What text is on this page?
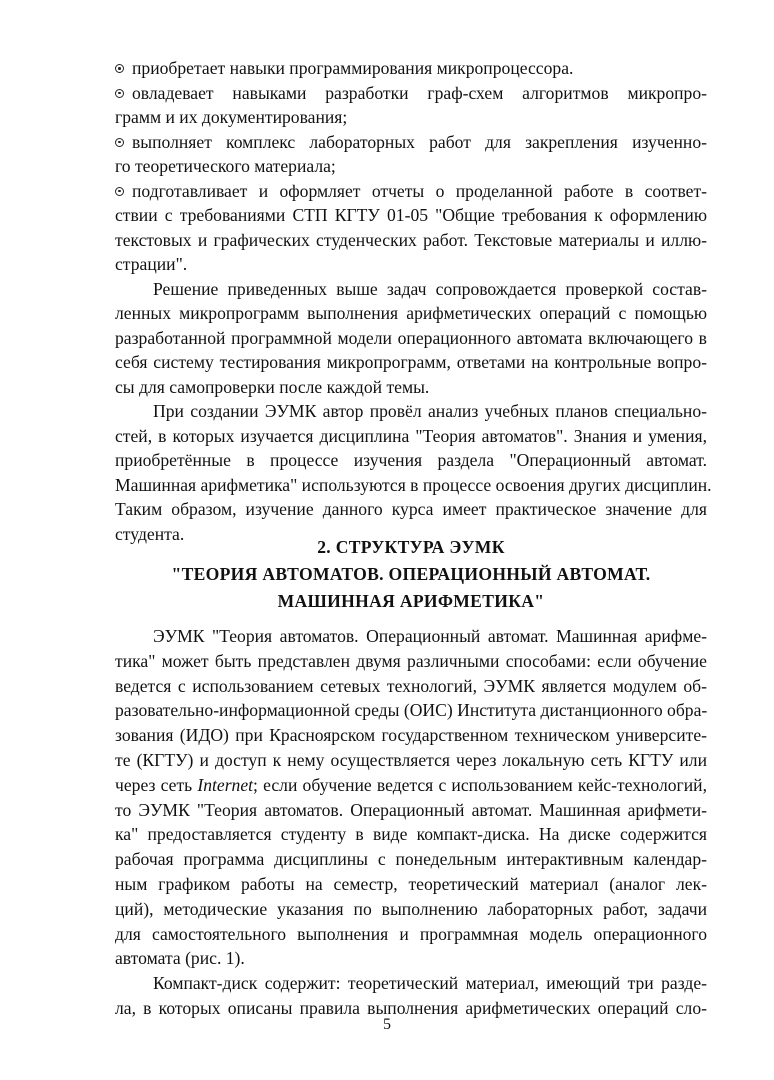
приобретает навыки программирования микропроцессора.
овладевает навыками разработки граф-схем алгоритмов микропро-
грамм и их документирования;
выполняет комплекс лабораторных работ для закрепления изученно-
го теоретического материала;
подготавливает и оформляет отчеты о проделанной работе в соответ-
ствии с требованиями СТП КГТУ 01-05 "Общие требования к оформлению
текстовых и графических студенческих работ. Текстовые материалы и иллю-
страции".
Решение приведенных выше задач сопровождается проверкой состав-
ленных микропрограмм выполнения арифметических операций с помощью
разработанной программной модели операционного автомата включающего в
себя систему тестирования микропрограмм, ответами на контрольные вопро-
сы для самопроверки после каждой темы.
При создании ЭУМК автор провёл анализ учебных планов специально-
стей, в которых изучается дисциплина "Теория автоматов". Знания и умения,
приобретённые в процессе изучения раздела "Операционный автомат.
Машинная арифметика" используются в процессе освоения других дисциплин.
Таким образом, изучение данного курса имеет практическое значение для
студента.
2. СТРУКТУРА ЭУМК
"ТЕОРИЯ АВТОМАТОВ. ОПЕРАЦИОННЫЙ АВТОМАТ.
МАШИННАЯ АРИФМЕТИКА"
ЭУМК "Теория автоматов. Операционный автомат. Машинная арифме-
тика" может быть представлен двумя различными способами: если обучение
ведется с использованием сетевых технологий, ЭУМК является модулем об-
разовательно-информационной среды (ОИС) Института дистанционного обра-
зования (ИДО) при Красноярском государственном техническом университе-
те (КГТУ) и доступ к нему осуществляется через локальную сеть КГТУ или
через сеть Internet; если обучение ведется с использованием кейс-технологий,
то ЭУМК "Теория автоматов. Операционный автомат. Машинная арифмети-
ка" предоставляется студенту в виде компакт-диска. На диске содержится
рабочая программа дисциплины с понедельным интерактивным календар-
ным графиком работы на семестр, теоретический материал (аналог лек-
ций), методические указания по выполнению лабораторных работ, задачи
для самостоятельного выполнения и программная модель операционного
автомата (рис. 1).
Компакт-диск содержит: теоретический материал, имеющий три разде-
ла, в которых описаны правила выполнения арифметических операций сло-
5
